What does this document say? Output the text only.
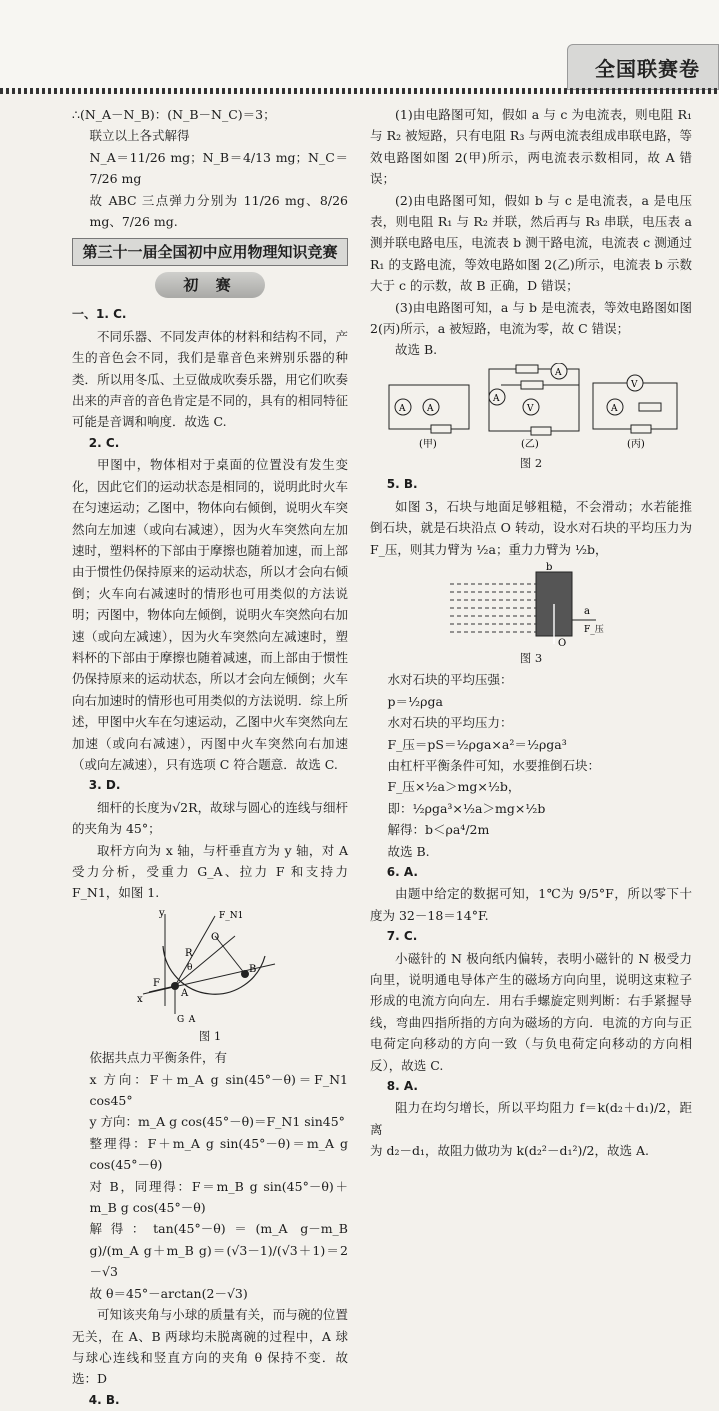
全国联赛卷

∴(N_A－N_B)：(N_B－N_C)＝3；

联立以上各式解得

N_A＝11/26 mg；N_B＝4/13 mg；N_C＝7/26 mg

故 ABC 三点弹力分别为 11/26 mg、8/26 mg、7/26 mg.

第三十一届全国初中应用物理知识竞赛
初 赛

一、1. C.

不同乐器、不同发声体的材料和结构不同，产生的音色会不同，我们是靠音色来辨别乐器的种类．所以用冬瓜、土豆做成吹奏乐器，用它们吹奏出来的声音的音色肯定是不同的，具有的相同特征可能是音调和响度．故选 C.

2. C.

甲图中，物体相对于桌面的位置没有发生变化，因此它们的运动状态是相同的，说明此时火车在匀速运动；乙图中，物体向右倾倒，说明火车突然向左加速（或向右减速），因为火车突然向左加速时，塑料杯的下部由于摩擦也随着加速，而上部由于惯性仍保持原来的运动状态，所以才会向右倾倒；火车向右减速时的情形也可用类似的方法说明；丙图中，物体向左倾倒，说明火车突然向右加速（或向左减速），因为火车突然向左减速时，塑料杯的下部由于摩擦也随着减速，而上部由于惯性仍保持原来的运动状态，所以才会向左倾倒；火车向右加速时的情形也可用类似的方法说明．综上所述，甲图中火车在匀速运动，乙图中火车突然向左加速（或向右减速），丙图中火车突然向右加速（或向左减速），只有选项 C 符合题意．故选 C.

3. D.

细杆的长度为√2R，故球与圆心的连线与细杆的夹角为 45°；

取杆方向为 x 轴，与杆垂直方为 y 轴，对 A 受力分析，受重力 G_A、拉力 F 和支持力 F_N1，如图 1.

y
x
R
O
A
B
F
F_N1
G_A
θ

图 1

依据共点力平衡条件，有

x 方向：F＋m_A g sin(45°－θ)＝F_N1 cos45°

y 方向：m_A g cos(45°－θ)＝F_N1 sin45°

整理得：F＋m_A g sin(45°－θ)＝m_A g cos(45°－θ)

对 B，同理得：F＝m_B g sin(45°－θ)＋m_B g cos(45°－θ)

解得：tan(45°－θ)＝(m_A g－m_B g)/(m_A g＋m_B g)＝(√3－1)/(√3＋1)＝2－√3

故 θ＝45°－arctan(2－√3)

可知该夹角与小球的质量有关，而与碗的位置无关，在 A、B 两球均未脱离碗的过程中，A 球与球心连线和竖直方向的夹角 θ 保持不变．故选：D

4. B.

(1)由电路图可知，假如 a 与 c 为电流表，则电阻 R₁ 与 R₂ 被短路，只有电阻 R₃ 与两电流表组成串联电路，等效电路图如图 2(甲)所示，两电流表示数相同，故 A 错误；

(2)由电路图可知，假如 b 与 c 是电流表，a 是电压表，则电阻 R₁ 与 R₂ 并联，然后再与 R₃ 串联，电压表 a 测并联电路电压，电流表 b 测干路电流，电流表 c 测通过 R₁ 的支路电流，等效电路如图 2(乙)所示，电流表 b 示数大于 c 的示数，故 B 正确，D 错误；

(3)由电路图可知，a 与 b 是电流表，等效电路图如图 2(丙)所示，a 被短路，电流为零，故 C 错误；

故选 B.

A A
(甲)
A
A
V
(乙)
V
A
(丙)

图 2

5. B.

如图 3，石块与地面足够粗糙，不会滑动；水若能推倒石块，就是石块沿点 O 转动，设水对石块的平均压力为 F_压，则其力臂为 ½a；重力力臂为 ½b，

b
a
F_压
O

图 3

水对石块的平均压强：

p＝½ρga

水对石块的平均压力：

F_压＝pS＝½ρga×a²＝½ρga³

由杠杆平衡条件可知，水要推倒石块：

F_压×½a＞mg×½b，

即：½ρga³×½a＞mg×½b

解得：b＜ρa⁴/2m

故选 B.

6. A.

由题中给定的数据可知，1℃为 9/5°F，所以零下十度为 32－18＝14°F.

7. C.

小磁针的 N 极向纸内偏转，表明小磁针的 N 极受力向里，说明通电导体产生的磁场方向向里，说明这束粒子形成的电流方向向左．用右手螺旋定则判断：右手紧握导线，弯曲四指所指的方向为磁场的方向．电流的方向与正电荷定向移动的方向一致（与负电荷定向移动的方向相反），故选 C.

8. A.

阻力在均匀增长，所以平均阻力 f＝k(d₂＋d₁)/2，距离

为 d₂－d₁，故阻力做功为 k(d₂²－d₁²)/2，故选 A.
